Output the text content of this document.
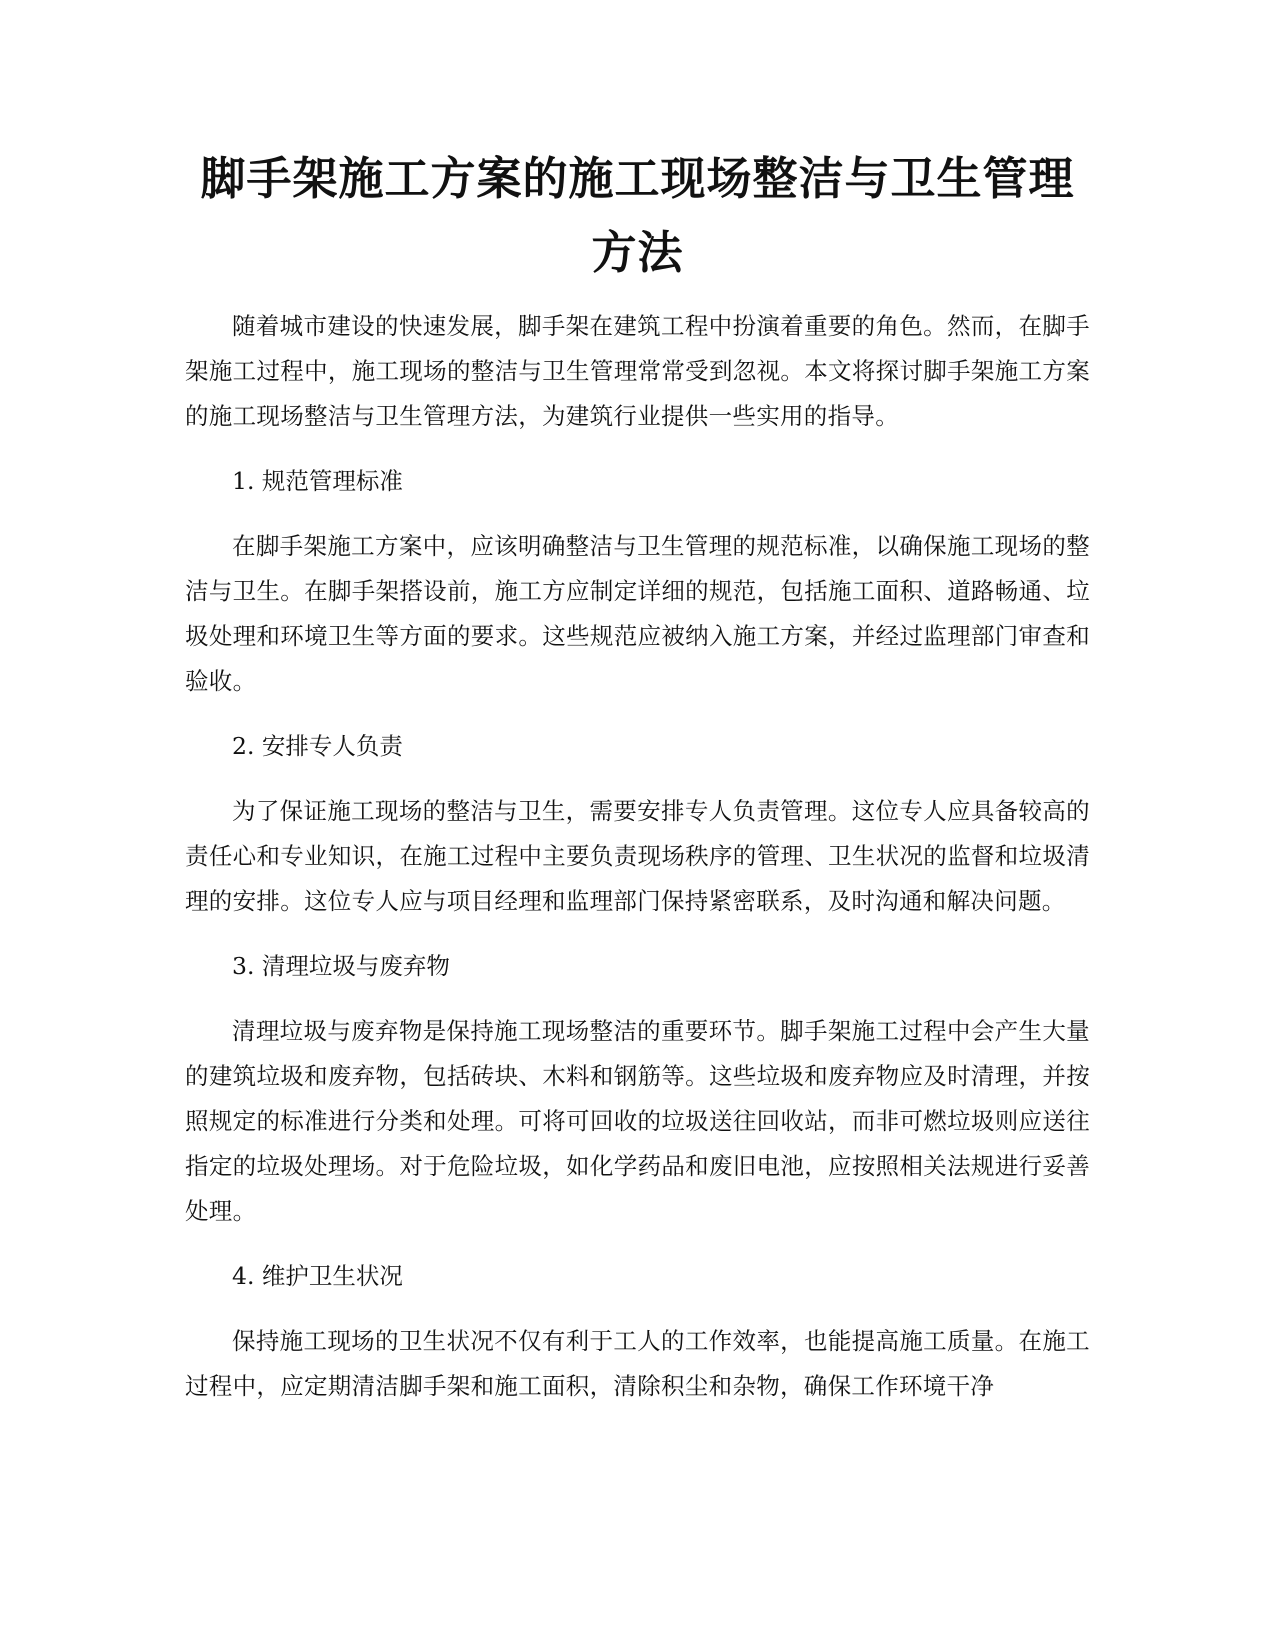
脚手架施工方案的施工现场整洁与卫生管理
方法

随着城市建设的快速发展，脚手架在建筑工程中扮演着重要的角色。然而，在脚手架施工过程中，施工现场的整洁与卫生管理常常受到忽视。本文将探讨脚手架施工方案的施工现场整洁与卫生管理方法，为建筑行业提供一些实用的指导。

1. 规范管理标准

在脚手架施工方案中，应该明确整洁与卫生管理的规范标准，以确保施工现场的整洁与卫生。在脚手架搭设前，施工方应制定详细的规范，包括施工面积、道路畅通、垃圾处理和环境卫生等方面的要求。这些规范应被纳入施工方案，并经过监理部门审查和验收。

2. 安排专人负责

为了保证施工现场的整洁与卫生，需要安排专人负责管理。这位专人应具备较高的责任心和专业知识，在施工过程中主要负责现场秩序的管理、卫生状况的监督和垃圾清理的安排。这位专人应与项目经理和监理部门保持紧密联系，及时沟通和解决问题。

3. 清理垃圾与废弃物

清理垃圾与废弃物是保持施工现场整洁的重要环节。脚手架施工过程中会产生大量的建筑垃圾和废弃物，包括砖块、木料和钢筋等。这些垃圾和废弃物应及时清理，并按照规定的标准进行分类和处理。可将可回收的垃圾送往回收站，而非可燃垃圾则应送往指定的垃圾处理场。对于危险垃圾，如化学药品和废旧电池，应按照相关法规进行妥善处理。

4. 维护卫生状况

保持施工现场的卫生状况不仅有利于工人的工作效率，也能提高施工质量。在施工过程中，应定期清洁脚手架和施工面积，清除积尘和杂物，确保工作环境干净
